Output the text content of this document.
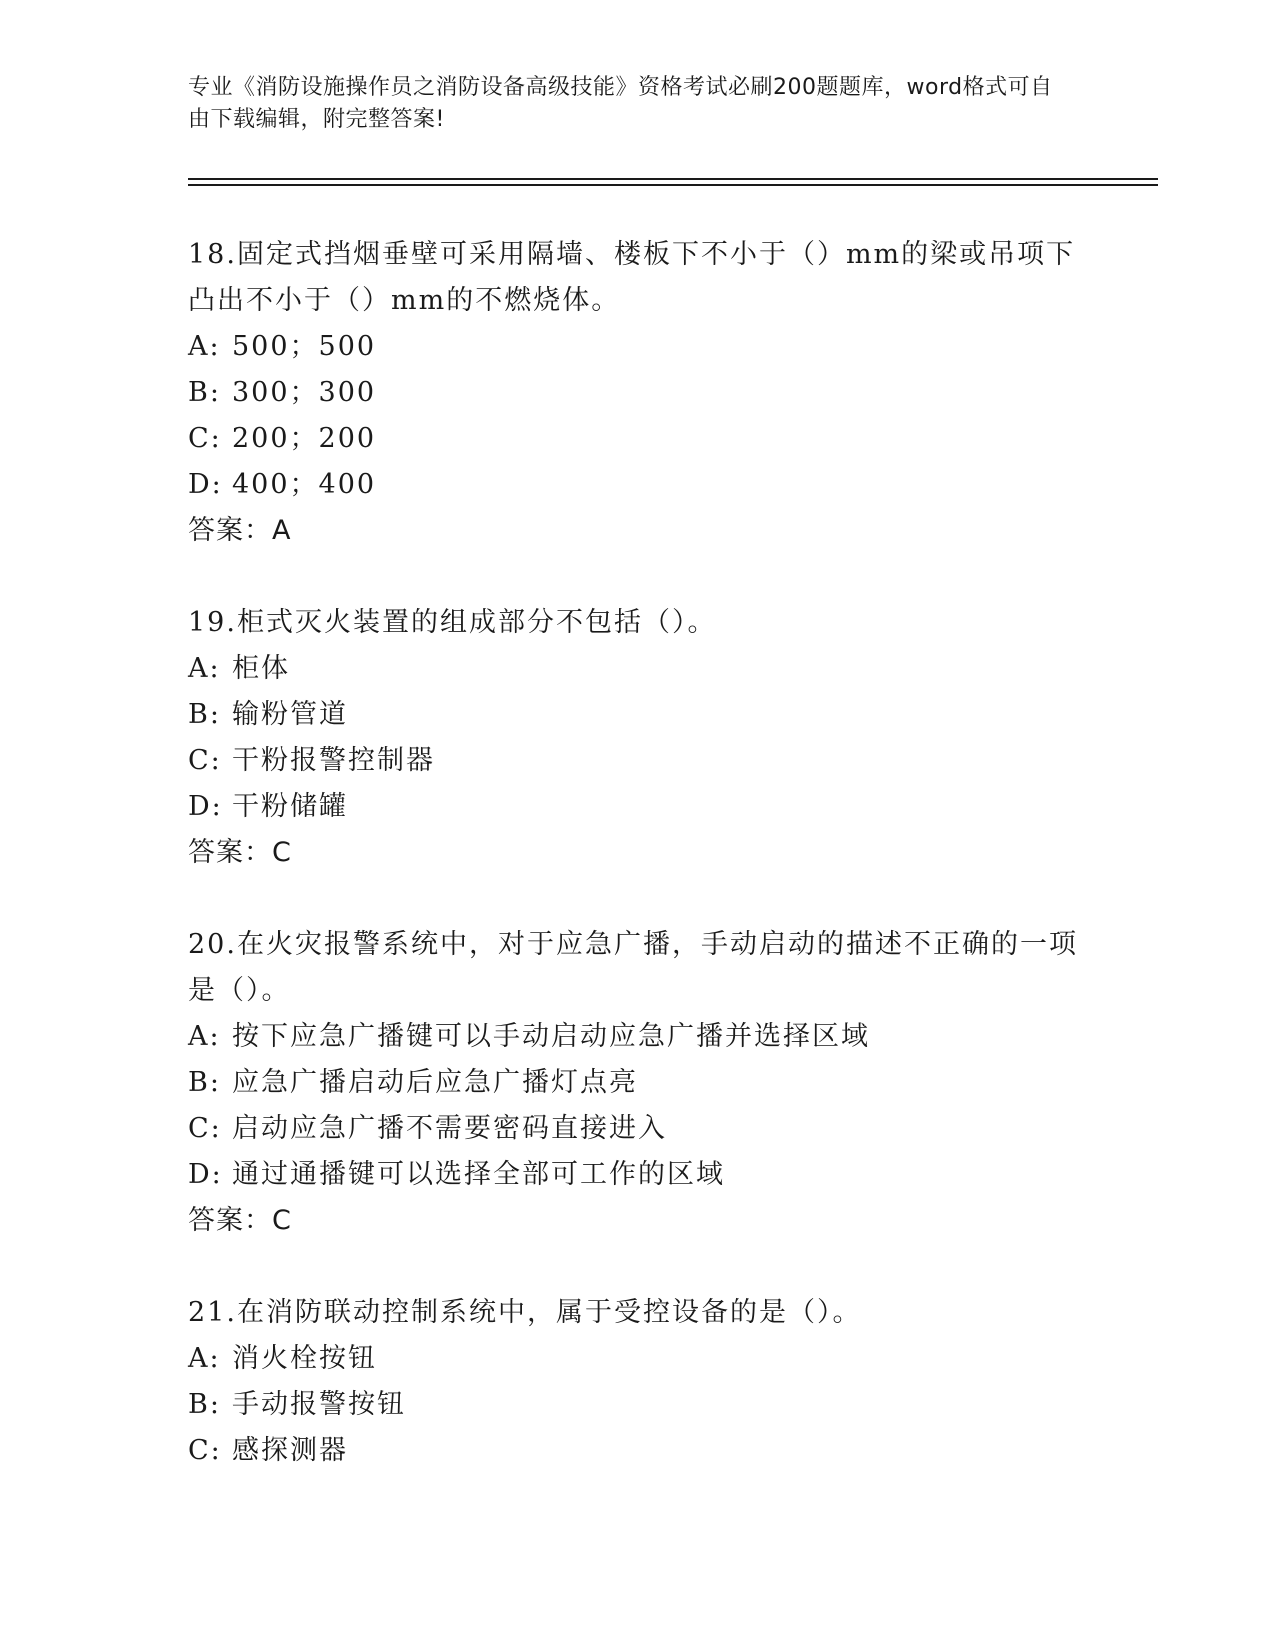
专业《消防设施操作员之消防设备高级技能》资格考试必刷200题题库，word格式可自由下载编辑，附完整答案!

18.固定式挡烟垂壁可采用隔墙、楼板下不小于（）mm的梁或吊项下凸出不小于（）mm的不燃烧体。

A: 500；500

B: 300；300

C: 200；200

D: 400；400

答案：A

19.柜式灭火装置的组成部分不包括（）。

A: 柜体

B: 输粉管道

C: 干粉报警控制器

D: 干粉储罐

答案：C

20.在火灾报警系统中，对于应急广播，手动启动的描述不正确的一项是（）。

A: 按下应急广播键可以手动启动应急广播并选择区域

B: 应急广播启动后应急广播灯点亮

C: 启动应急广播不需要密码直接进入

D: 通过通播键可以选择全部可工作的区域

答案：C

21.在消防联动控制系统中，属于受控设备的是（）。

A: 消火栓按钮

B: 手动报警按钮

C: 感探测器
